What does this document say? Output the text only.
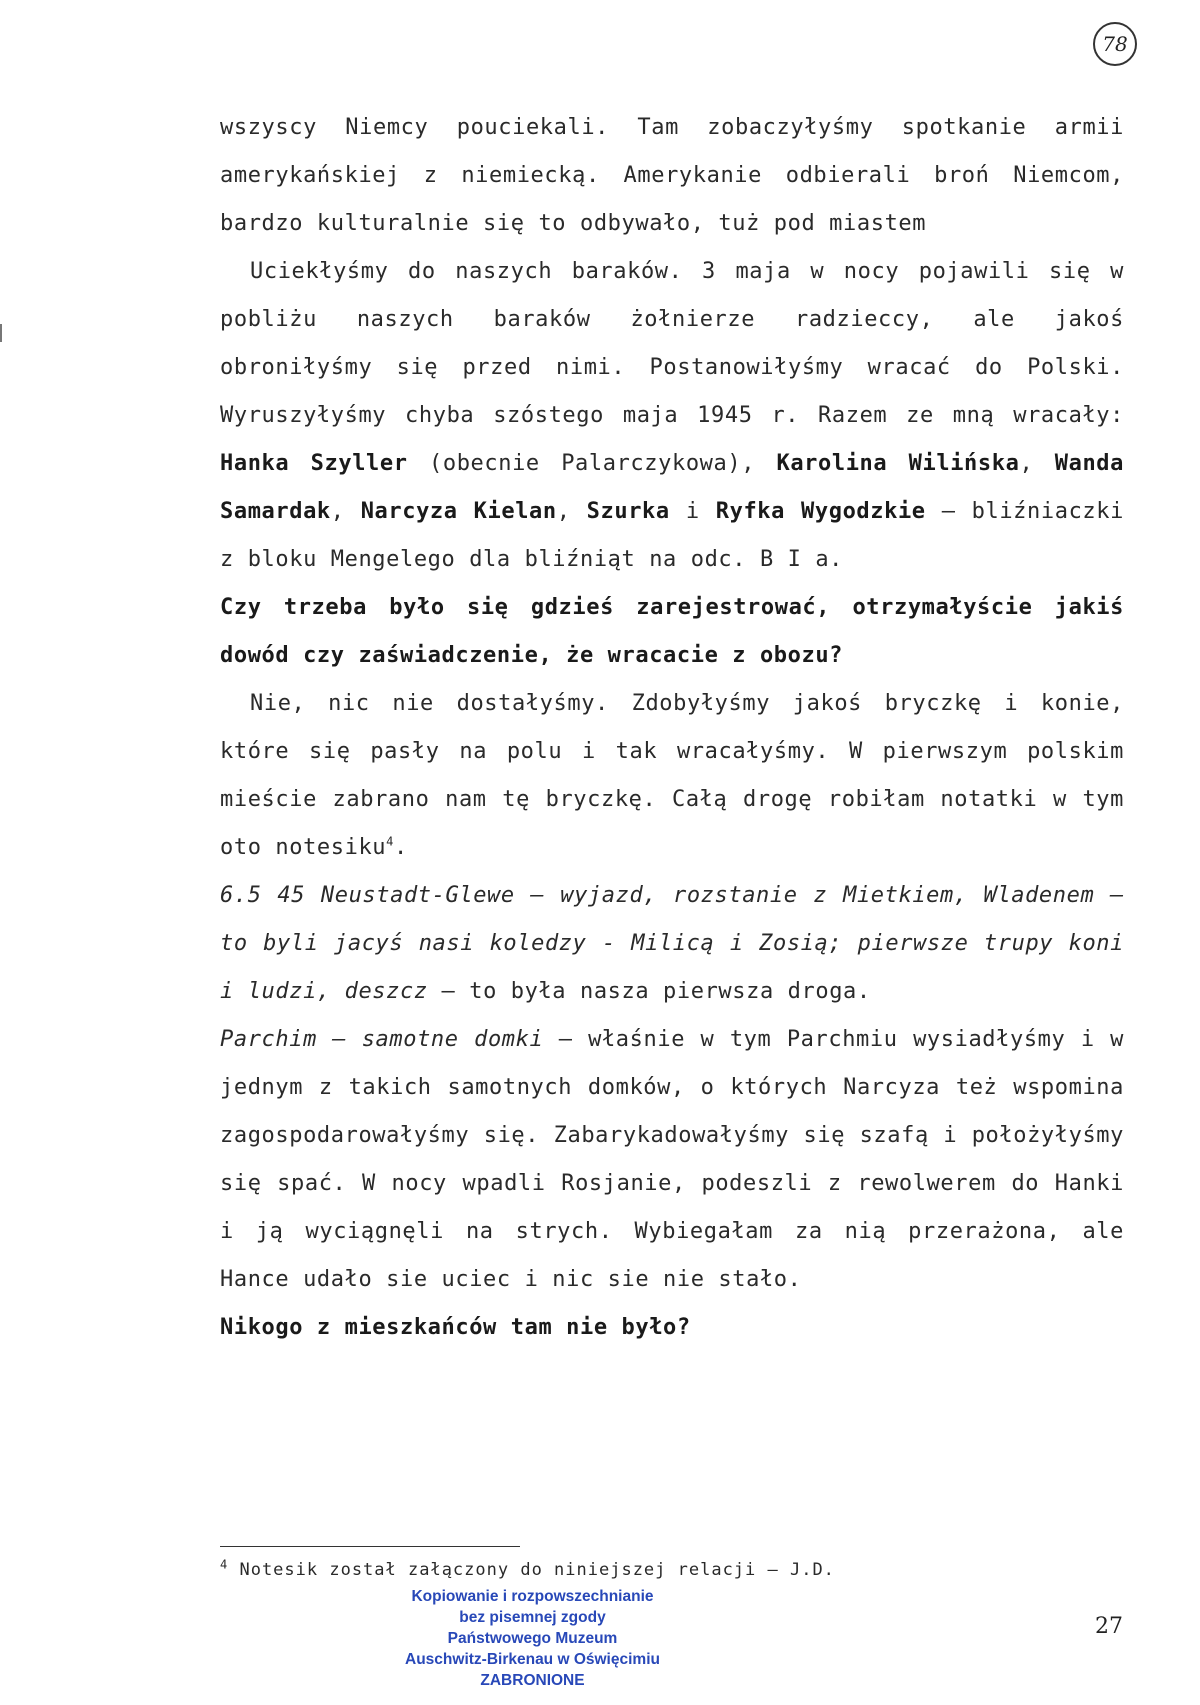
78

wszyscy Niemcy pouciekali. Tam zobaczyłyśmy spotkanie armii amerykańskiej z niemiecką. Amerykanie odbierali broń Niemcom, bardzo kulturalnie się to odbywało, tuż pod miastem

Uciekłyśmy do naszych baraków. 3 maja w nocy pojawili się w pobliżu naszych baraków żołnierze radzieccy, ale jakoś obroniłyśmy się przed nimi. Postanowiłyśmy wracać do Polski. Wyruszyłyśmy chyba szóstego maja 1945 r. Razem ze mną wracały: Hanka Szyller (obecnie Palarczykowa), Karolina Wilińska, Wanda Samardak, Narcyza Kielan, Szurka i Ryfka Wygodzkie – bliźniaczki z bloku Mengelego dla bliźniąt na odc. B I a.

Czy trzeba było się gdzieś zarejestrować, otrzymałyście jakiś dowód czy zaświadczenie, że wracacie z obozu?

Nie, nic nie dostałyśmy. Zdobyłyśmy jakoś bryczkę i konie, które się pasły na polu i tak wracałyśmy. W pierwszym polskim mieście zabrano nam tę bryczkę. Całą drogę robiłam notatki w tym oto notesiku$^4$.

6.5 45 Neustadt-Glewe – wyjazd, rozstanie z Mietkiem, Wladenem – to byli jacyś nasi koledzy - Milicą i Zosią; pierwsze trupy koni i ludzi, deszcz – to była nasza pierwsza droga.

Parchim – samotne domki – właśnie w tym Parchmiu wysiadłyśmy i w jednym z takich samotnych domków, o których Narcyza też wspomina zagospodarowałyśmy się. Zabarykadowałyśmy się szafą i położyłyśmy się spać. W nocy wpadli Rosjanie, podeszli z rewolwerem do Hanki i ją wyciągnęli na strych. Wybiegałam za nią przerażona, ale Hance udało sie uciec i nic sie nie stało.

Nikogo z mieszkańców tam nie było?

$^4$ Notesik został załączony do niniejszej relacji – J.D.
Kopiowanie i rozpowszechnianie
bez pisemnej zgody
Państwowego Muzeum
Auschwitz-Birkenau w Oświęcimiu
ZABRONIONE
27
